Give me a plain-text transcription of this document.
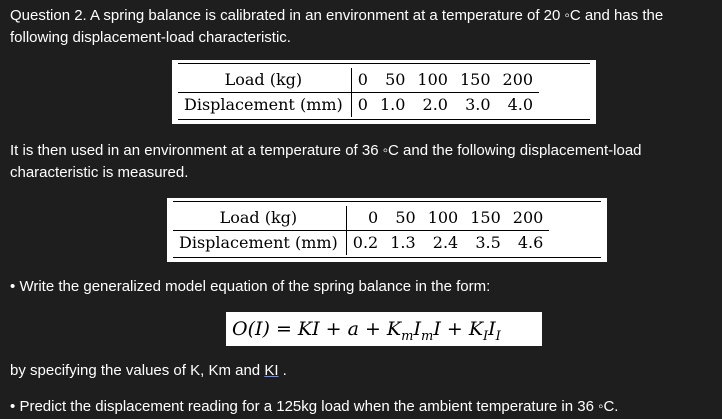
Question 2. A spring balance is calibrated in an environment at a temperature of 20 ◦C and has the
following displacement-load characteristic.
Load (kg)	0	50	100	150	200
Displacement (mm)	0	1.0	2.0	3.0	4.0
It is then used in an environment at a temperature of 36 ◦C and the following displacement-load
characteristic is measured.
Load (kg)	0	50	100	150	200
Displacement (mm)	0.2	1.3	2.4	3.5	4.6
• Write the generalized model equation of the spring balance in the form:
O(I) = KI + $a + K_mI_mI + K_II_I$
by specifying the values of K, Km and KI .
• Predict the displacement reading for a 125kg load when the ambient temperature in 36 ◦C.
